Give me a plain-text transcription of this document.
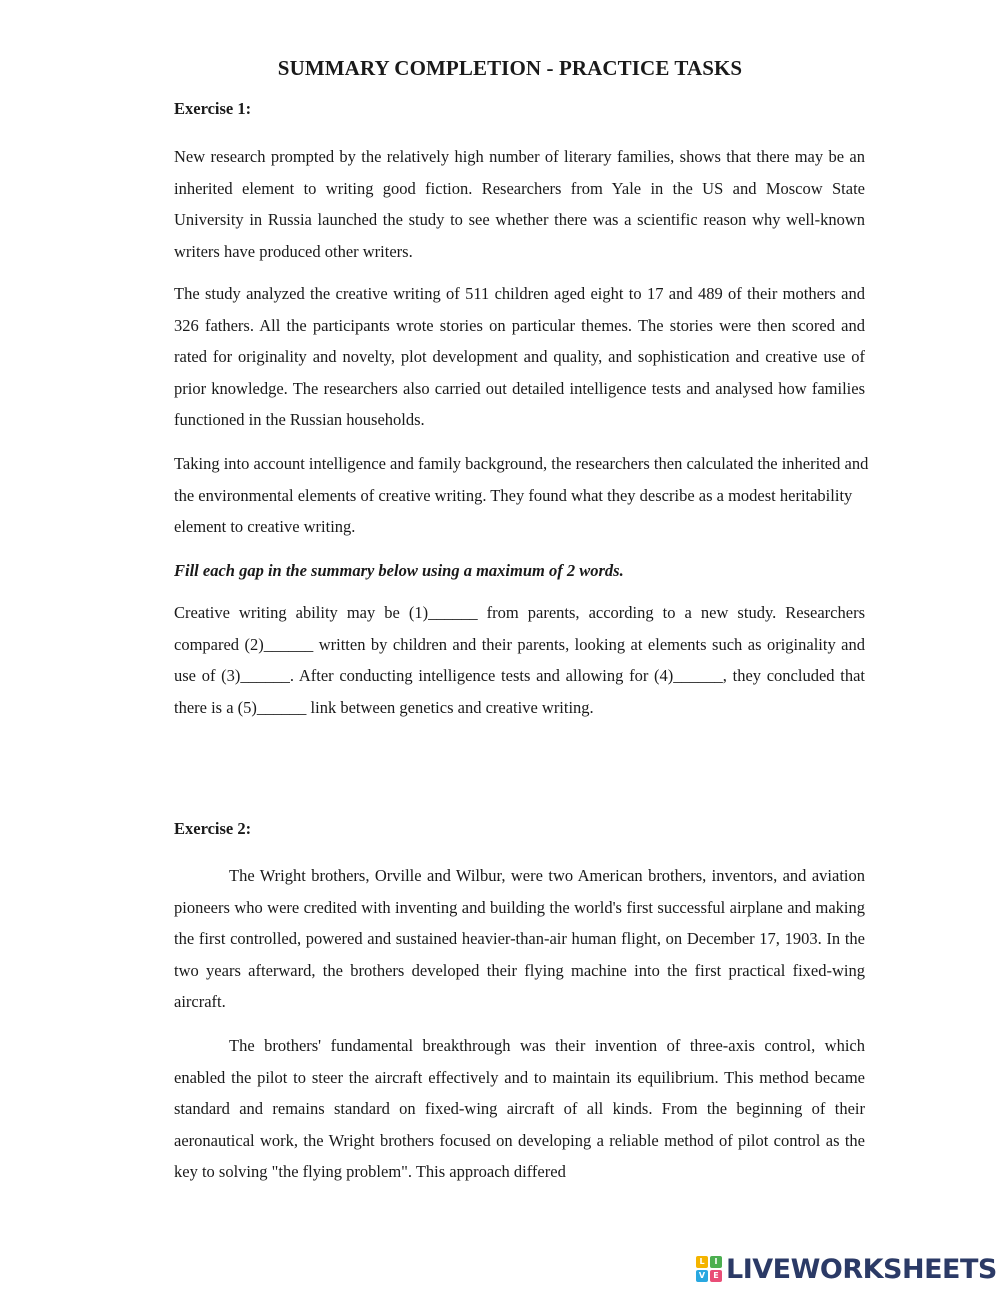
SUMMARY COMPLETION - PRACTICE TASKS
Exercise 1:

New research prompted by the relatively high number of literary families, shows that there may be an inherited element to writing good fiction. Researchers from Yale in the US and Moscow State University in Russia launched the study to see whether there was a scientific reason why well-known writers have produced other writers.

The study analyzed the creative writing of 511 children aged eight to 17 and 489 of their mothers and 326 fathers. All the participants wrote stories on particular themes. The stories were then scored and rated for originality and novelty, plot development and quality, and sophistication and creative use of prior knowledge. The researchers also carried out detailed intelligence tests and analysed how families functioned in the Russian households.

Taking into account intelligence and family background, the researchers then calculated the inherited and the environmental elements of creative writing. They found what they describe as a modest heritability element to creative writing.

Fill each gap in the summary below using a maximum of 2 words.

Creative writing ability may be (1)______ from parents, according to a new study. Researchers compared (2)______ written by children and their parents, looking at elements such as originality and use of (3)______. After conducting intelligence tests and allowing for (4)______, they concluded that there is a (5)______ link between genetics and creative writing.

Exercise 2:

The Wright brothers, Orville and Wilbur, were two American brothers, inventors, and aviation pioneers who were credited with inventing and building the world's first successful airplane and making the first controlled, powered and sustained heavier-than-air human flight, on December 17, 1903. In the two years afterward, the brothers developed their flying machine into the first practical fixed-wing aircraft.

The brothers' fundamental breakthrough was their invention of three-axis control, which enabled the pilot to steer the aircraft effectively and to maintain its equilibrium. This method became standard and remains standard on fixed-wing aircraft of all kinds. From the beginning of their aeronautical work, the Wright brothers focused on developing a reliable method of pilot control as the key to solving "the flying problem". This approach differed

L	I
V	E LIVEWORKSHEETS
